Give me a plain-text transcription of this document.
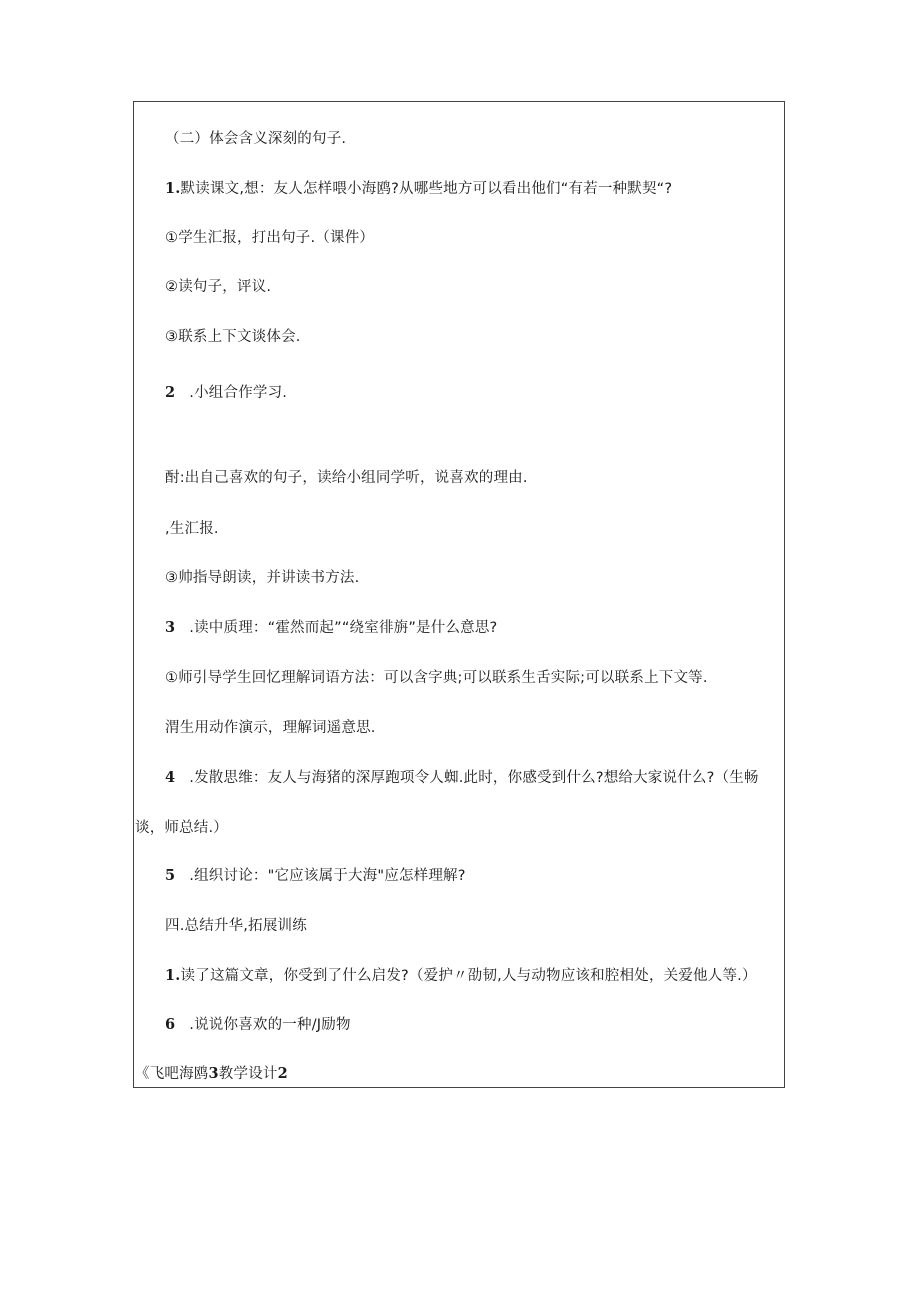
（二）体会含义深刻的句子.
1.默读课文,想：友人怎样喂小海鸥?从哪些地方可以看出他们“有若一种默契“?
①学生汇报，打出句子.（课件）
②读句子，评议.
③联系上下文谈体会.
2 .小组合作学习.
酎:出自己喜欢的句子，读给小组同学听，说喜欢的理由.
,生汇报.
③帅指导朗读，并讲读书方法.
3 .读中质理：“霍然而起”“绕室徘旃”是什么意思?
①师引导学生回忆理解词语方法：可以含字典;可以联系生舌实际;可以联系上下文等.
渭生用动作演示，理解词遥意思.
4 .发散思维：友人与海猪的深厚跑项令人蜘.此时，你感受到什么?想给大家说什么?（生畅
谈，师总结.）
5 .组织讨论："它应该属于大海"应怎样理解?
四.总结升华,拓展训练
1.读了这篇文章，你受到了什么启发?（爱护〃劭韧,人与动物应该和腔相处，关爱他人等.）
6 .说说你喜欢的一种/J励物
《飞吧海鸥3教学设计2
